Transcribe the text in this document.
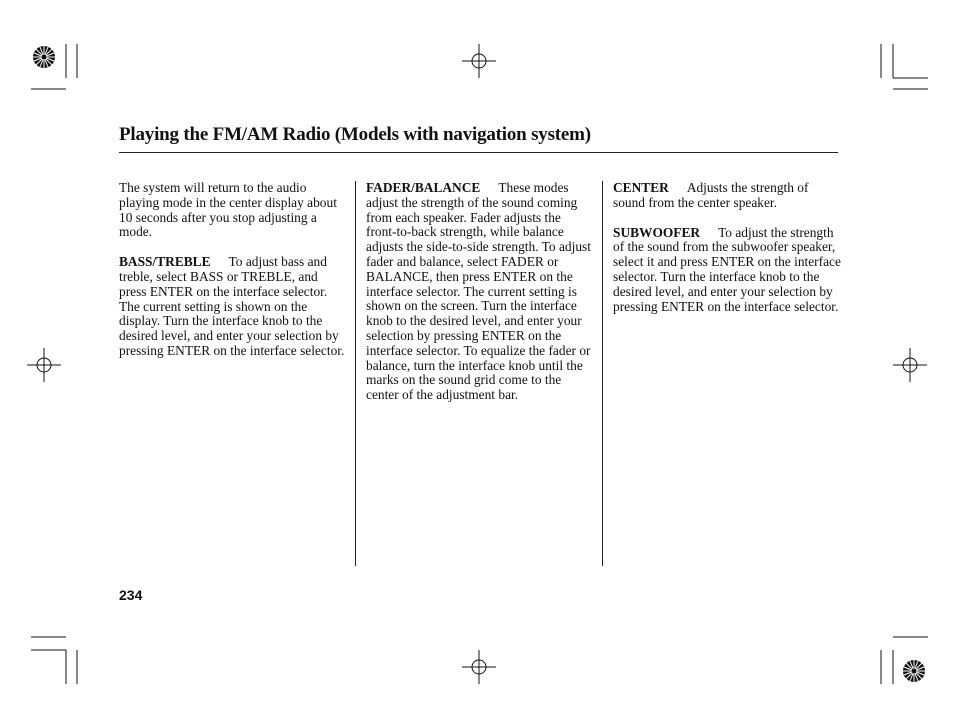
Playing the FM/AM Radio (Models with navigation system)

The system will return to the audio playing mode in the center display about 10 seconds after you stop adjusting a mode.

BASS/TREBLE To adjust bass and treble, select BASS or TREBLE, and press ENTER on the interface selector. The current setting is shown on the display. Turn the interface knob to the desired level, and enter your selection by pressing ENTER on the interface selector.

FADER/BALANCE These modes adjust the strength of the sound coming from each speaker. Fader adjusts the front-to-back strength, while balance adjusts the side-to-side strength. To adjust fader and balance, select FADER or BALANCE, then press ENTER on the interface selector. The current setting is shown on the screen. Turn the interface knob to the desired level, and enter your selection by pressing ENTER on the interface selector. To equalize the fader or balance, turn the interface knob until the marks on the sound grid come to the center of the adjustment bar.

CENTER Adjusts the strength of sound from the center speaker.

SUBWOOFER To adjust the strength of the sound from the subwoofer speaker, select it and press ENTER on the interface selector. Turn the interface knob to the desired level, and enter your selection by pressing ENTER on the interface selector.

234
